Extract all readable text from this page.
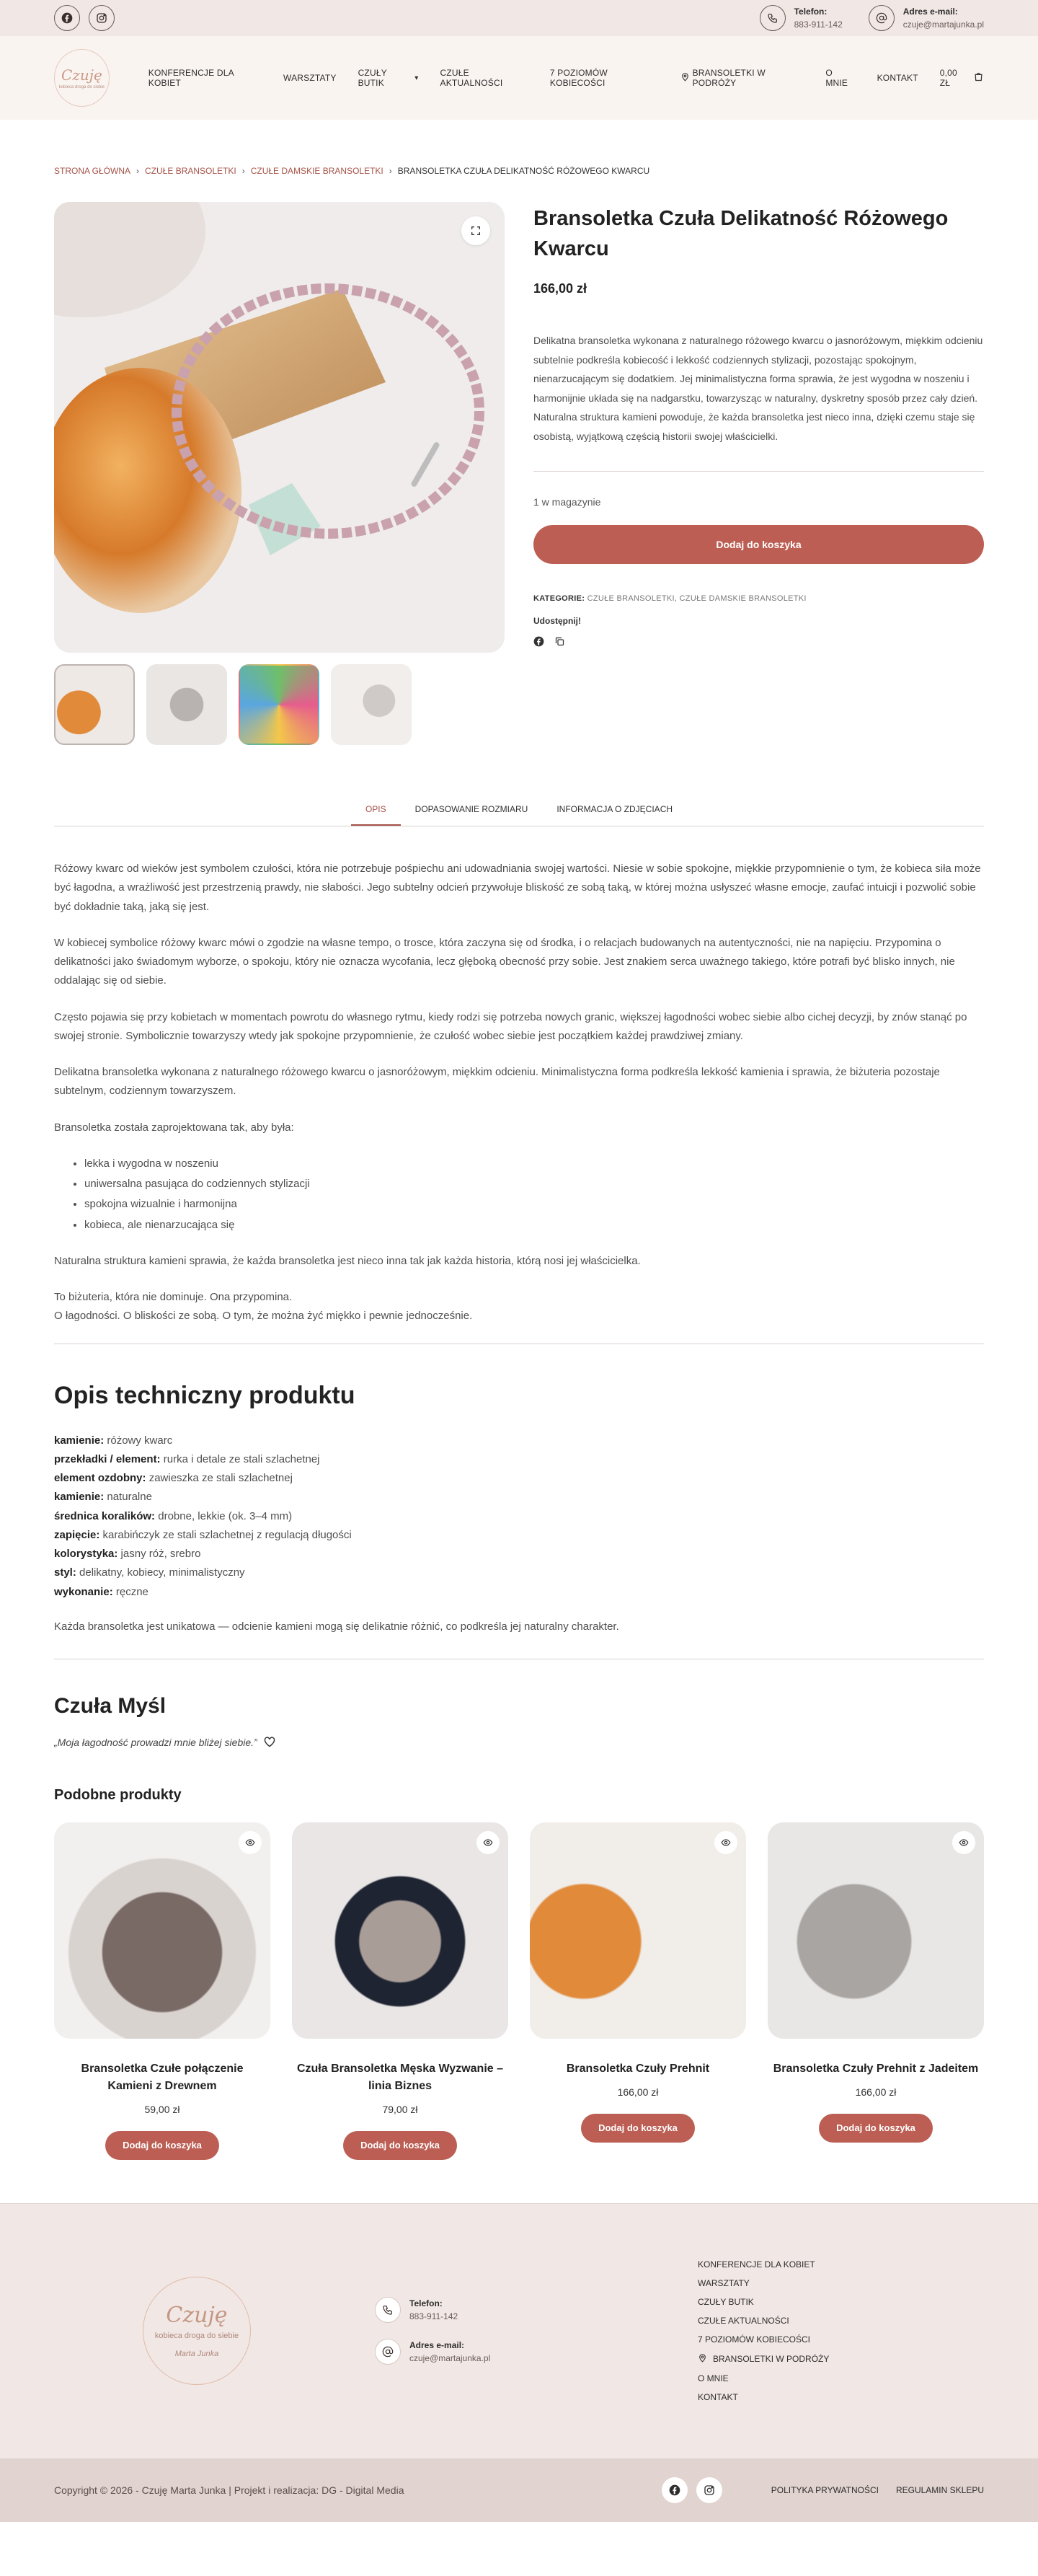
Telefon:
883-911-142
Adres e-mail:
czuje@martajunka.pl
Czuję
kobieca droga do siebie
KONFERENCJE DLA KOBIET	WARSZTATY	CZUŁY BUTIK	▾	CZUŁE AKTUALNOŚCI
7 POZIOMÓW KOBIECOŚCI
BRANSOLETKI W PODRÓŻY
O MNIE	KONTAKT	0,00 ZŁ
STRONA GŁÓWNA › CZUŁE BRANSOLETKI › CZUŁE DAMSKIE BRANSOLETKI › BRANSOLETKA CZUŁA DELIKATNOŚĆ RÓŻOWEGO KWARCU
Bransoletka Czuła Delikatność Różowego Kwarcu
166,00 zł

Delikatna bransoletka wykonana z naturalnego różowego kwarcu o jasnoróżowym, miękkim odcieniu subtelnie podkreśla kobiecość i lekkość codziennych stylizacji, pozostając spokojnym, nienarzucającym się dodatkiem. Jej minimalistyczna forma sprawia, że jest wygodna w noszeniu i harmonijnie układa się na nadgarstku, towarzysząc w naturalny, dyskretny sposób przez cały dzień. Naturalna struktura kamieni powoduje, że każda bransoletka jest nieco inna, dzięki czemu staje się osobistą, wyjątkową częścią historii swojej właścicielki.

1 w magazynie
Dodaj do koszyka
KATEGORIE: CZUŁE BRANSOLETKI, CZUŁE DAMSKIE BRANSOLETKI
Udostępnij!
OPIS	DOPASOWANIE ROZMIARU	INFORMACJA O ZDJĘCIACH

Różowy kwarc od wieków jest symbolem czułości, która nie potrzebuje pośpiechu ani udowadniania swojej wartości. Niesie w sobie spokojne, miękkie przypomnienie o tym, że kobieca siła może być łagodna, a wrażliwość jest przestrzenią prawdy, nie słabości. Jego subtelny odcień przywołuje bliskość ze sobą taką, w której można usłyszeć własne emocje, zaufać intuicji i pozwolić sobie być dokładnie taką, jaką się jest.

W kobiecej symbolice różowy kwarc mówi o zgodzie na własne tempo, o trosce, która zaczyna się od środka, i o relacjach budowanych na autentyczności, nie na napięciu. Przypomina o delikatności jako świadomym wyborze, o spokoju, który nie oznacza wycofania, lecz głęboką obecność przy sobie. Jest znakiem serca uważnego takiego, które potrafi być blisko innych, nie oddalając się od siebie.

Często pojawia się przy kobietach w momentach powrotu do własnego rytmu, kiedy rodzi się potrzeba nowych granic, większej łagodności wobec siebie albo cichej decyzji, by znów stanąć po swojej stronie. Symbolicznie towarzyszy wtedy jak spokojne przypomnienie, że czułość wobec siebie jest początkiem każdej prawdziwej zmiany.

Delikatna bransoletka wykonana z naturalnego różowego kwarcu o jasnoróżowym, miękkim odcieniu. Minimalistyczna forma podkreśla lekkość kamienia i sprawia, że biżuteria pozostaje subtelnym, codziennym towarzyszem.

Bransoletka została zaprojektowana tak, aby była:

• lekka i wygodna w noszeniu
• uniwersalna pasująca do codziennych stylizacji
• spokojna wizualnie i harmonijna
• kobieca, ale nienarzucająca się

Naturalna struktura kamieni sprawia, że każda bransoletka jest nieco inna tak jak każda historia, którą nosi jej właścicielka.

To biżuteria, która nie dominuje. Ona przypomina.
O łagodności. O bliskości ze sobą. O tym, że można żyć miękko i pewnie jednocześnie.

Opis techniczny produktu
kamienie: różowy kwarc
przekładki / element: rurka i detale ze stali szlachetnej
element ozdobny: zawieszka ze stali szlachetnej
kamienie: naturalne
średnica koralików: drobne, lekkie (ok. 3–4 mm)
zapięcie: karabińczyk ze stali szlachetnej z regulacją długości
kolorystyka: jasny róż, srebro
styl: delikatny, kobiecy, minimalistyczny
wykonanie: ręczne

Każda bransoletka jest unikatowa — odcienie kamieni mogą się delikatnie różnić, co podkreśla jej naturalny charakter.

Czuła Myśl
„Moja łagodność prowadzi mnie bliżej siebie.”
Podobne produkty
Bransoletka Czułe połączenie Kamieni z Drewnem
59,00 zł
Dodaj do koszyka
Czuła Bransoletka Męska Wyzwanie – linia Biznes
79,00 zł
Dodaj do koszyka
Bransoletka Czuły Prehnit
166,00 zł
Dodaj do koszyka
Bransoletka Czuły Prehnit z Jadeitem
166,00 zł
Dodaj do koszyka
Czuję
kobieca droga do siebie
Marta Junka
Telefon:
883-911-142
Adres e-mail:
czuje@martajunka.pl
KONFERENCJE DLA KOBIET
WARSZTATY
CZUŁY BUTIK
CZUŁE AKTUALNOŚCI
7 POZIOMÓW KOBIECOŚCI
BRANSOLETKI W PODRÓŻY
O MNIE
KONTAKT
Copyright © 2026 - Czuję Marta Junka | Projekt i realizacja: DG - Digital Media	POLITYKA PRYWATNOŚCI REGULAMIN SKLEPU
